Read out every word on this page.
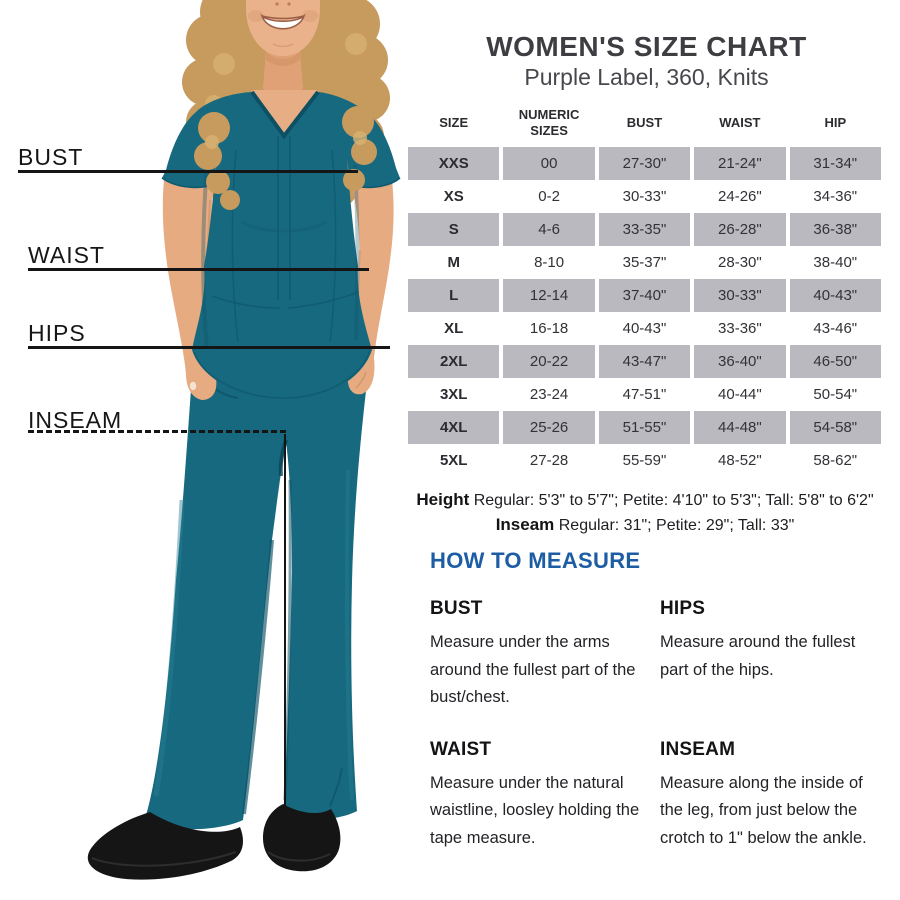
BUST
WAIST
HIPS
INSEAM
WOMEN'S SIZE CHART
Purple Label, 360, Knits
SIZE	NUMERIC SIZES	BUST	WAIST	HIP
XXS	00	27-30"	21-24"	31-34"
XS	0-2	30-33"	24-26"	34-36"
S	4-6	33-35"	26-28"	36-38"
M	8-10	35-37"	28-30"	38-40"
L	12-14	37-40"	30-33"	40-43"
XL	16-18	40-43"	33-36"	43-46"
2XL	20-22	43-47"	36-40"	46-50"
3XL	23-24	47-51"	40-44"	50-54"
4XL	25-26	51-55"	44-48"	54-58"
5XL	27-28	55-59"	48-52"	58-62"
Height Regular: 5'3" to 5'7"; Petite: 4'10" to 5'3"; Tall: 5'8" to 6'2"
Inseam Regular: 31"; Petite: 29"; Tall: 33"
HOW TO MEASURE
BUST

Measure under the arms around the fullest part of the bust/chest.

HIPS

Measure around the fullest part of the hips.

WAIST

Measure under the natural waistline, loosley holding the tape measure.

INSEAM

Measure along the inside of the leg, from just below the crotch to 1" below the ankle.
